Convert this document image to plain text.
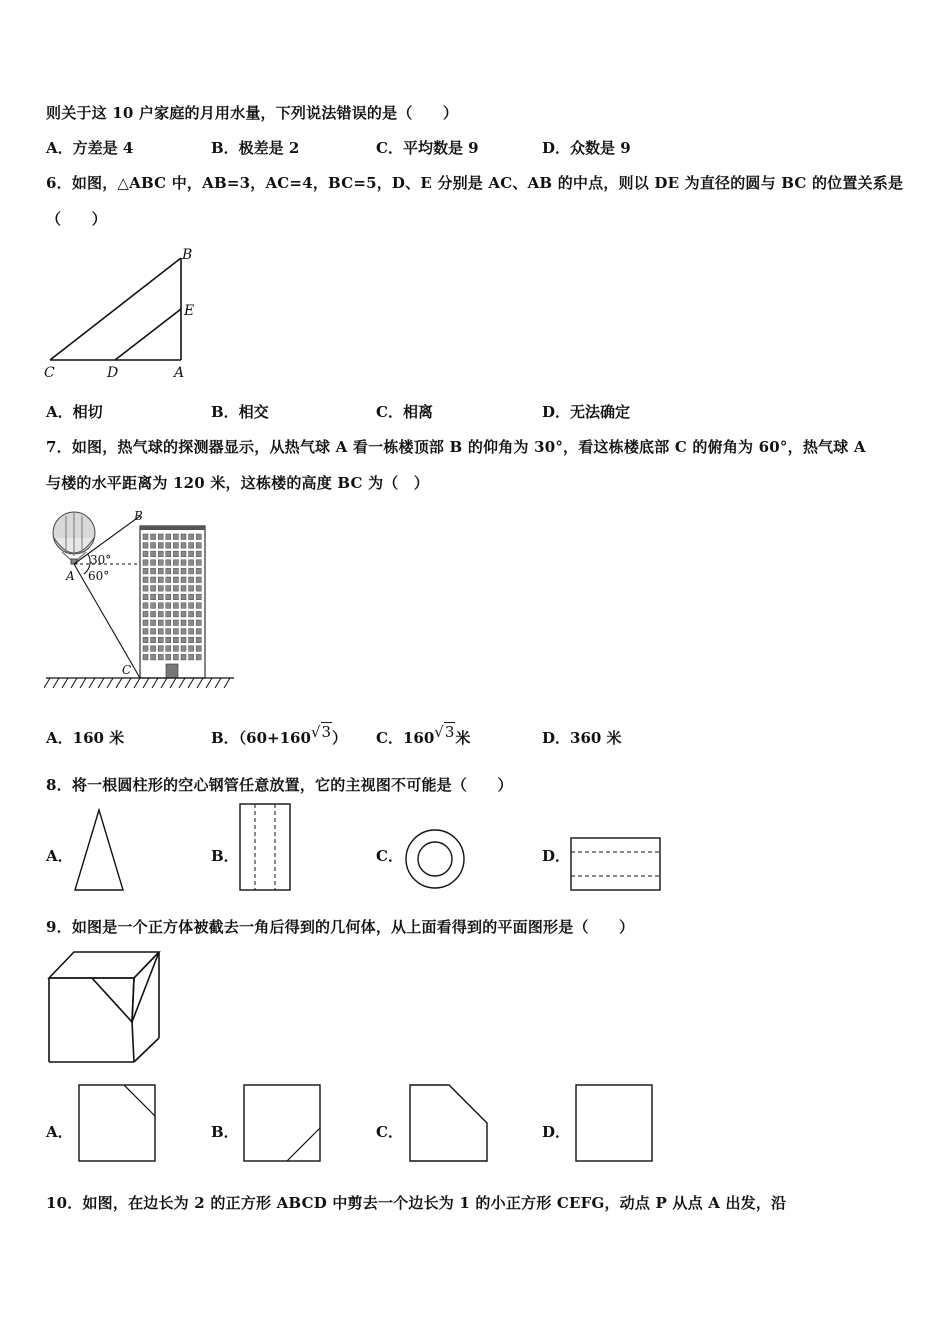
则关于这 10 户家庭的月用水量，下列说法错误的是（　　）
A．方差是 4	B．极差是 2	C．平均数是 9	D．众数是 9
6．如图，△ABC 中，AB=3，AC=4，BC=5，D、E 分别是 AC、AB 的中点，则以 DE 为直径的圆与 BC 的位置关系是
（　　）
B
E
C	D	A
A．相切	B．相交	C．相离	D．无法确定
7．如图，热气球的探测器显示，从热气球 A 看一栋楼顶部 B 的仰角为 30°，看这栋楼底部 C 的俯角为 60°，热气球 A
与楼的水平距离为 120 米，这栋楼的高度 BC 为（　）
B
A
C
30°
60°
A．160 米	B．（60+160√3） C．160√3米	D．360 米
8．将一根圆柱形的空心钢管任意放置，它的主视图不可能是（　　）
A．	B．	C．	D．
9．如图是一个正方体被截去一角后得到的几何体，从上面看得到的平面图形是（　　）
A．	B．	C．	D．
10．如图，在边长为 2 的正方形 ABCD 中剪去一个边长为 1 的小正方形 CEFG，动点 P 从点 A 出发，沿
